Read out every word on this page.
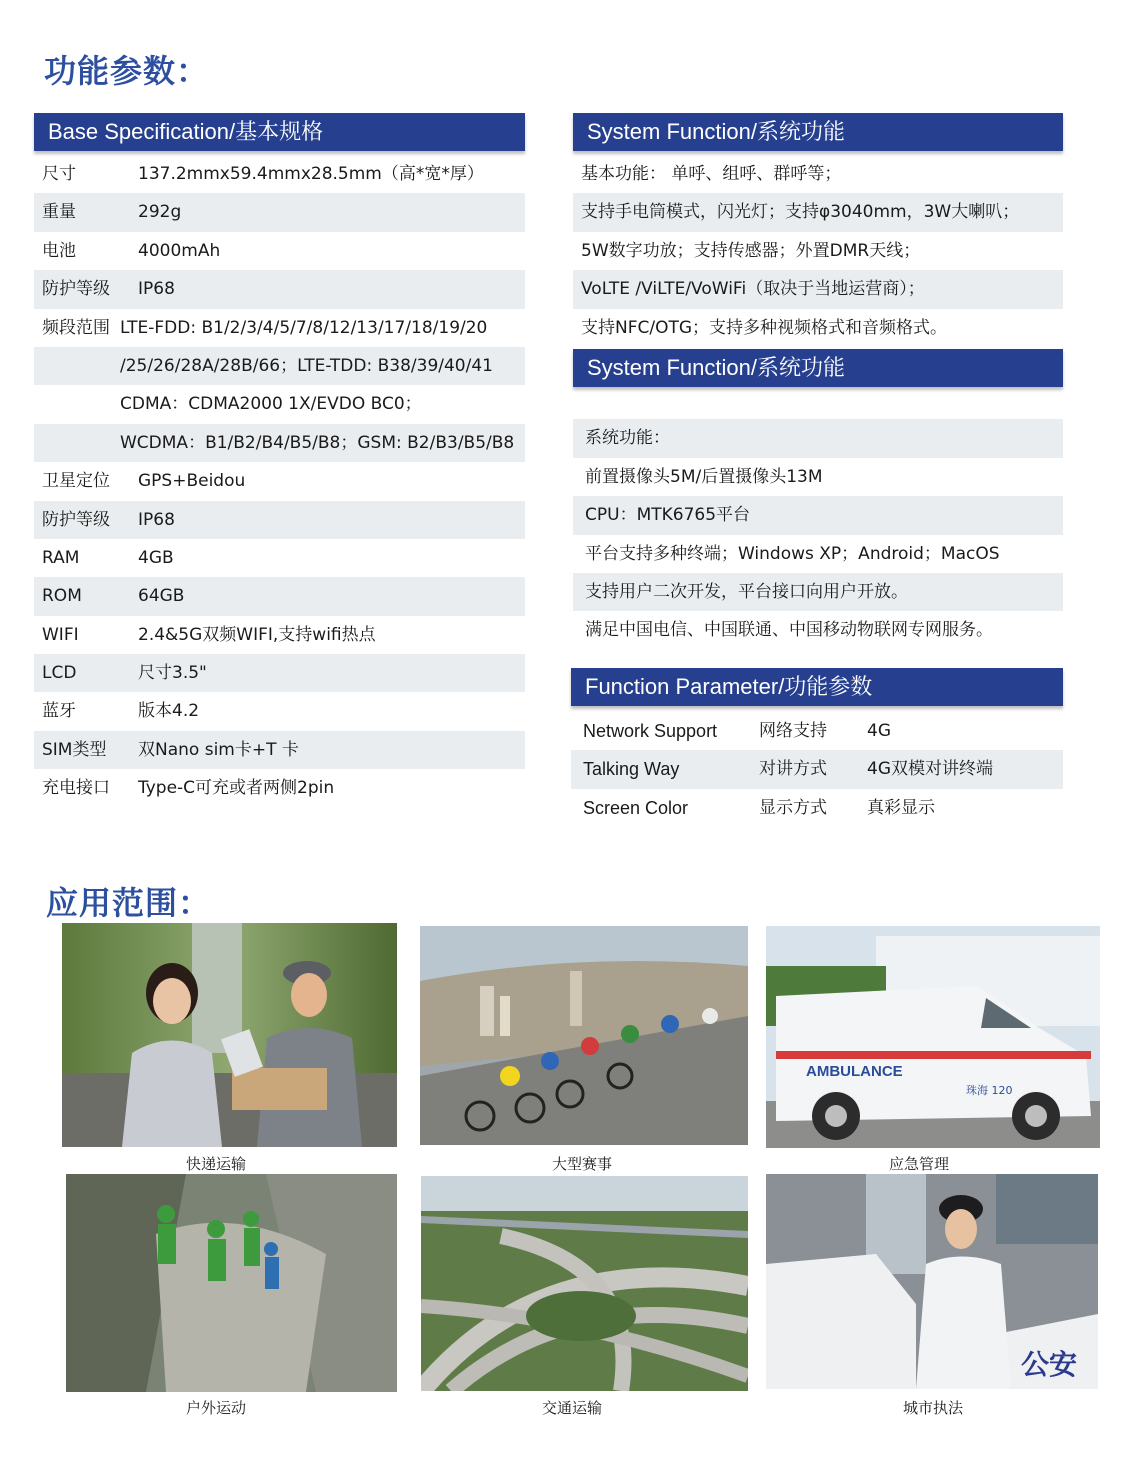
功能参数：
Base Specification/基本规格
尺寸	137.2mmx59.4mmx28.5mm（高*宽*厚）
重量	292g
电池	4000mAh
防护等级 IP68
频段范围 LTE-FDD: B1/2/3/4/5/7/8/12/13/17/18/19/20
/25/26/28A/28B/66；LTE-TDD: B38/39/40/41
CDMA：CDMA2000 1X/EVDO BC0；
WCDMA：B1/B2/B4/B5/B8；GSM: B2/B3/B5/B8
卫星定位 GPS+Beidou
防护等级 IP68
RAM	4GB
ROM	64GB
WIFI	2.4&5G双频WIFI,支持wifi热点
LCD	尺寸3.5"
蓝牙	版本4.2
SIM类型 双Nano sim卡+T 卡
充电接口 Type-C可充或者两侧2pin
System Function/系统功能
基本功能： 单呼、组呼、群呼等；
支持手电筒模式，闪光灯；支持φ3040mm，3W大喇叭；
5W数字功放；支持传感器；外置DMR天线；
VoLTE /ViLTE/VoWiFi（取决于当地运营商）；
支持NFC/OTG；支持多种视频格式和音频格式。
System Function/系统功能
系统功能：
前置摄像头5M/后置摄像头13M
CPU：MTK6765平台
平台支持多种终端；Windows XP；Android；MacOS
支持用户二次开发，平台接口向用户开放。
满足中国电信、中国联通、中国移动物联网专网服务。
Function Parameter/功能参数
Network Support 网络支持 4G
Talking Way	对讲方式 4G双模对讲终端
Screen Color	显示方式 真彩显示
应用范围：
快递运输	大型赛事
AMBULANCE
珠海 120
应急管理
户外运动	交通运输
公安
城市执法
